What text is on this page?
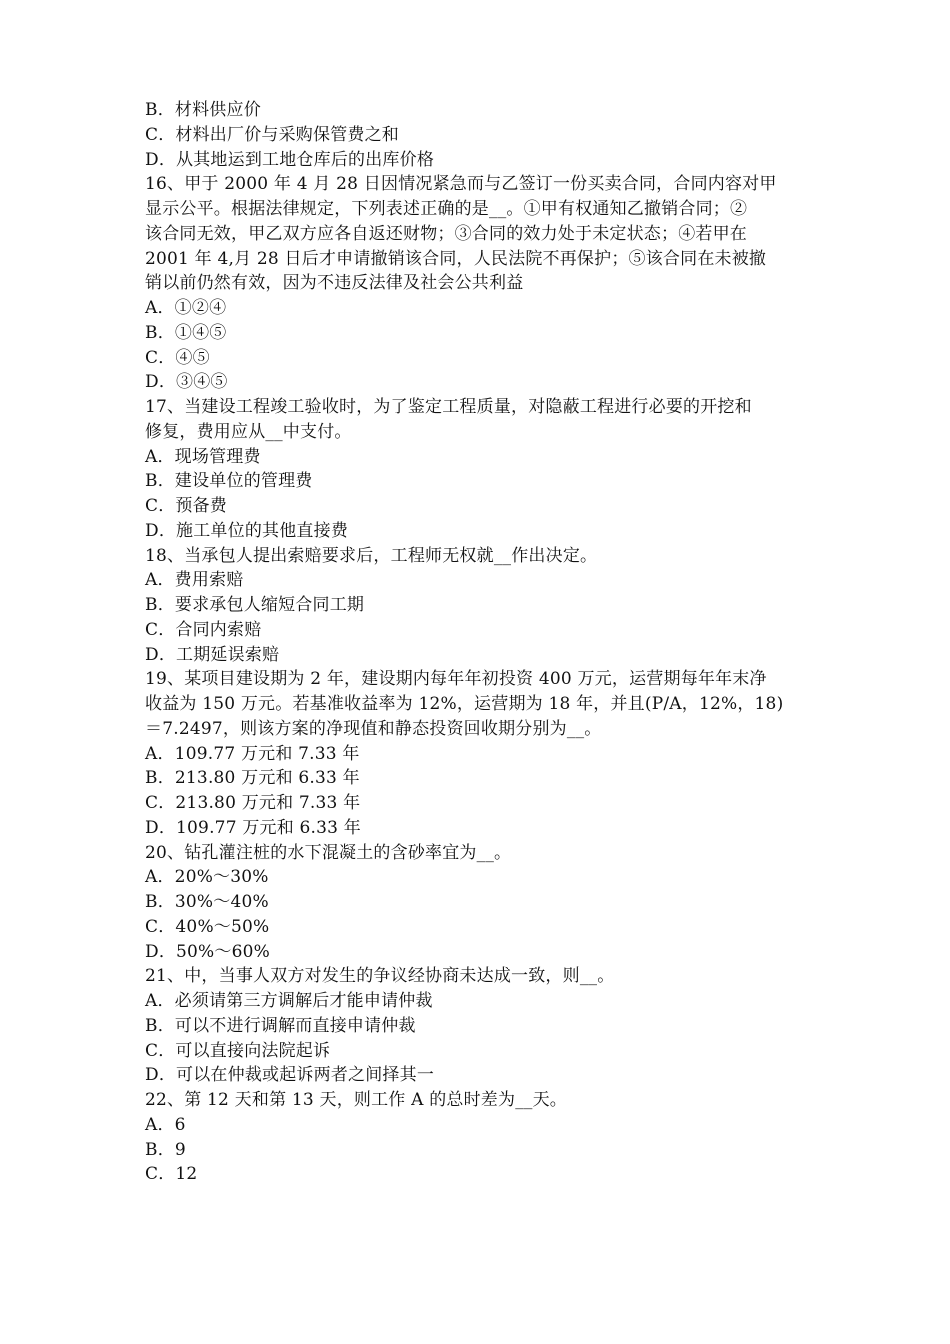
B．材料供应价
C．材料出厂价与采购保管费之和
D．从其地运到工地仓库后的出库价格
16、甲于 2000 年 4 月 28 日因情况紧急而与乙签订一份买卖合同，合同内容对甲
显示公平。根据法律规定，下列表述正确的是__。①甲有权通知乙撤销合同；②
该合同无效，甲乙双方应各自返还财物；③合同的效力处于未定状态；④若甲在
2001 年 4,月 28 日后才申请撤销该合同，人民法院不再保护；⑤该合同在未被撤
销以前仍然有效，因为不违反法律及社会公共利益
A．①②④
B．①④⑤
C．④⑤
D．③④⑤
17、当建设工程竣工验收时，为了鉴定工程质量，对隐蔽工程进行必要的开挖和
修复，费用应从__中支付。
A．现场管理费
B．建设单位的管理费
C．预备费
D．施工单位的其他直接费
18、当承包人提出索赔要求后，工程师无权就__作出决定。
A．费用索赔
B．要求承包人缩短合同工期
C．合同内索赔
D．工期延误索赔
19、某项目建设期为 2 年，建设期内每年年初投资 400 万元，运营期每年年末净
收益为 150 万元。若基准收益率为 12%，运营期为 18 年，并且(P/A，12%，18)
＝7.2497，则该方案的净现值和静态投资回收期分别为__。
A．109.77 万元和 7.33 年
B．213.80 万元和 6.33 年
C．213.80 万元和 7.33 年
D．109.77 万元和 6.33 年
20、钻孔灌注桩的水下混凝土的含砂率宜为__。
A．20%～30%
B．30%～40%
C．40%～50%
D．50%～60%
21、中，当事人双方对发生的争议经协商未达成一致，则__。
A．必须请第三方调解后才能申请仲裁
B．可以不进行调解而直接申请仲裁
C．可以直接向法院起诉
D．可以在仲裁或起诉两者之间择其一
22、第 12 天和第 13 天，则工作 A 的总时差为__天。
A．6
B．9
C．12
